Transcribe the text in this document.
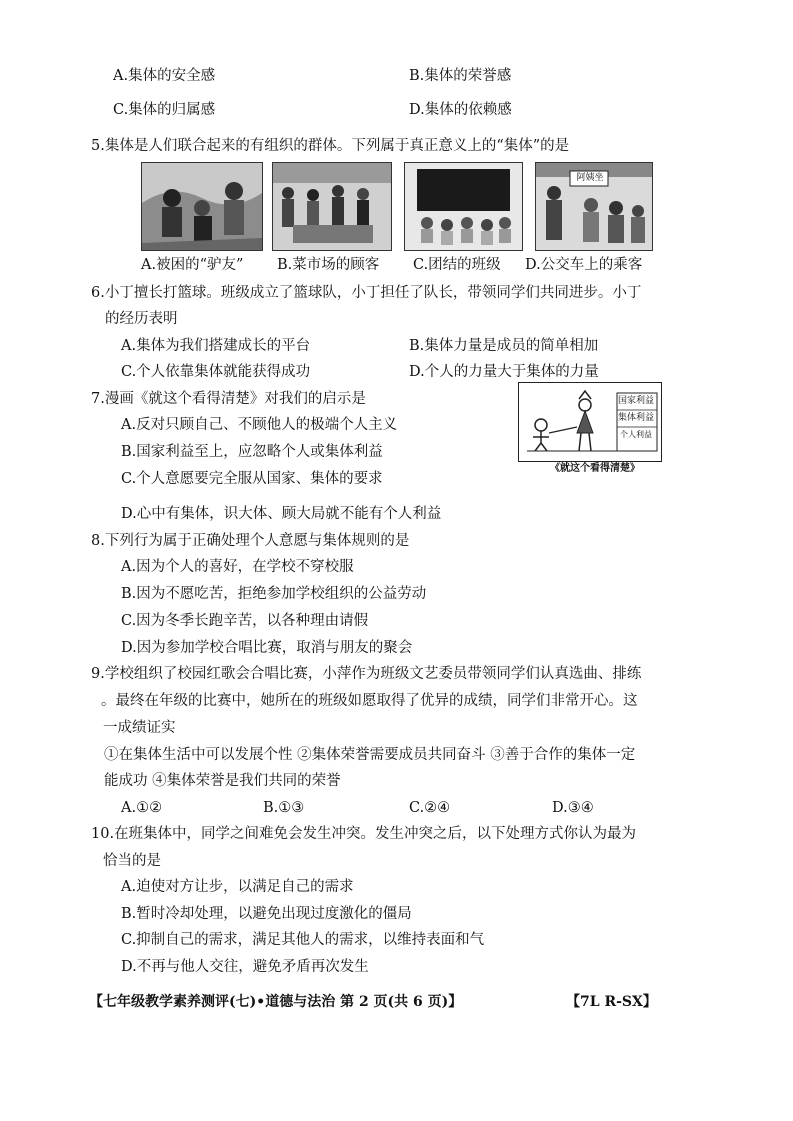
A.集体的安全感	B.集体的荣誉感
C.集体的归属感	D.集体的依赖感
5.集体是人们联合起来的有组织的群体。下列属于真正意义上的“集体”的是
阿姨坐
A.被困的“驴友” B.菜市场的顾客 C.团结的班级 D.公交车上的乘客
6.小丁擅长打篮球。班级成立了篮球队，小丁担任了队长，带领同学们共同进步。小丁
的经历表明
A.集体为我们搭建成长的平台	B.集体力量是成员的简单相加
C.个人依靠集体就能获得成功	D.个人的力量大于集体的力量
7.漫画《就这个看得清楚》对我们的启示是
A.反对只顾自己、不顾他人的极端个人主义
B.国家利益至上，应忽略个人或集体利益
C.个人意愿要完全服从国家、集体的要求
D.心中有集体，识大体、顾大局就不能有个人利益
国家利益
集体利益
个人利益
《就这个看得清楚》
8.下列行为属于正确处理个人意愿与集体规则的是
A.因为个人的喜好，在学校不穿校服
B.因为不愿吃苦，拒绝参加学校组织的公益劳动
C.因为冬季长跑辛苦，以各种理由请假
D.因为参加学校合唱比赛，取消与朋友的聚会
9.学校组织了校园红歌会合唱比赛，小萍作为班级文艺委员带领同学们认真选曲、排练
。最终在年级的比赛中，她所在的班级如愿取得了优异的成绩，同学们非常开心。这
一成绩证实
①在集体生活中可以发展个性 ②集体荣誉需要成员共同奋斗 ③善于合作的集体一定
能成功 ④集体荣誉是我们共同的荣誉
A.①②	B.①③	C.②④	D.③④
10.在班集体中，同学之间难免会发生冲突。发生冲突之后，以下处理方式你认为最为
恰当的是
A.迫使对方让步，以满足自己的需求
B.暂时冷却处理，以避免出现过度激化的僵局
C.抑制自己的需求，满足其他人的需求，以维持表面和气
D.不再与他人交往，避免矛盾再次发生
【七年级教学素养测评(七)•道德与法治 第 2 页(共 6 页)】	【7L R-SX】
